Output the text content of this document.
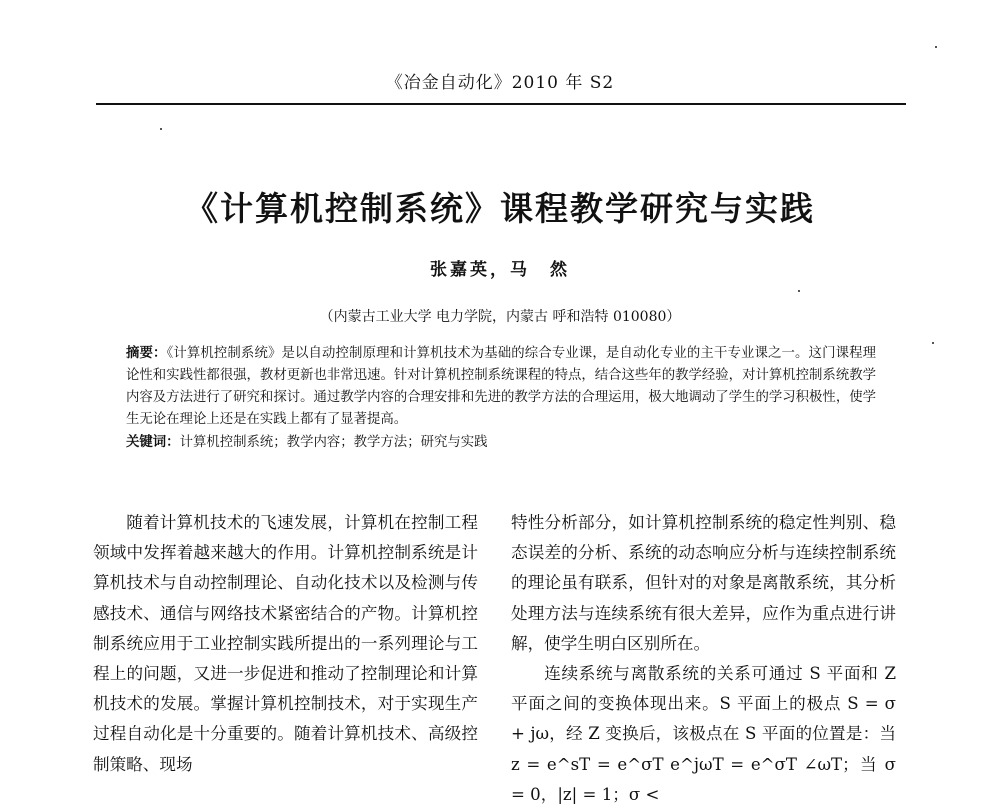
《冶金自动化》2010 年 S2
《计算机控制系统》课程教学研究与实践
张嘉英，马　然
（内蒙古工业大学 电力学院，内蒙古 呼和浩特 010080）
摘要：《计算机控制系统》是以自动控制原理和计算机技术为基础的综合专业课，是自动化专业的主干专业课之一。这门课程理论性和实践性都很强，教材更新也非常迅速。针对计算机控制系统课程的特点，结合这些年的教学经验，对计算机控制系统教学内容及方法进行了研究和探讨。通过教学内容的合理安排和先进的教学方法的合理运用，极大地调动了学生的学习积极性，使学生无论在理论上还是在实践上都有了显著提高。
关键词：计算机控制系统；教学内容；教学方法；研究与实践

随着计算机技术的飞速发展，计算机在控制工程领域中发挥着越来越大的作用。计算机控制系统是计算机技术与自动控制理论、自动化技术以及检测与传感技术、通信与网络技术紧密结合的产物。计算机控制系统应用于工业控制实践所提出的一系列理论与工程上的问题，又进一步促进和推动了控制理论和计算机技术的发展。掌握计算机控制技术，对于实现生产过程自动化是十分重要的。随着计算机技术、高级控制策略、现场

特性分析部分，如计算机控制系统的稳定性判别、稳态误差的分析、系统的动态响应分析与连续控制系统的理论虽有联系，但针对的对象是离散系统，其分析处理方法与连续系统有很大差异，应作为重点进行讲解，使学生明白区别所在。

连续系统与离散系统的关系可通过 S 平面和 Z 平面之间的变换体现出来。S 平面上的极点 S = σ + jω，经 Z 变换后，该极点在 S 平面的位置是：当 z = e^sT = e^σT e^jωT = e^σT ∠ωT；当 σ = 0，|z| = 1；σ <
